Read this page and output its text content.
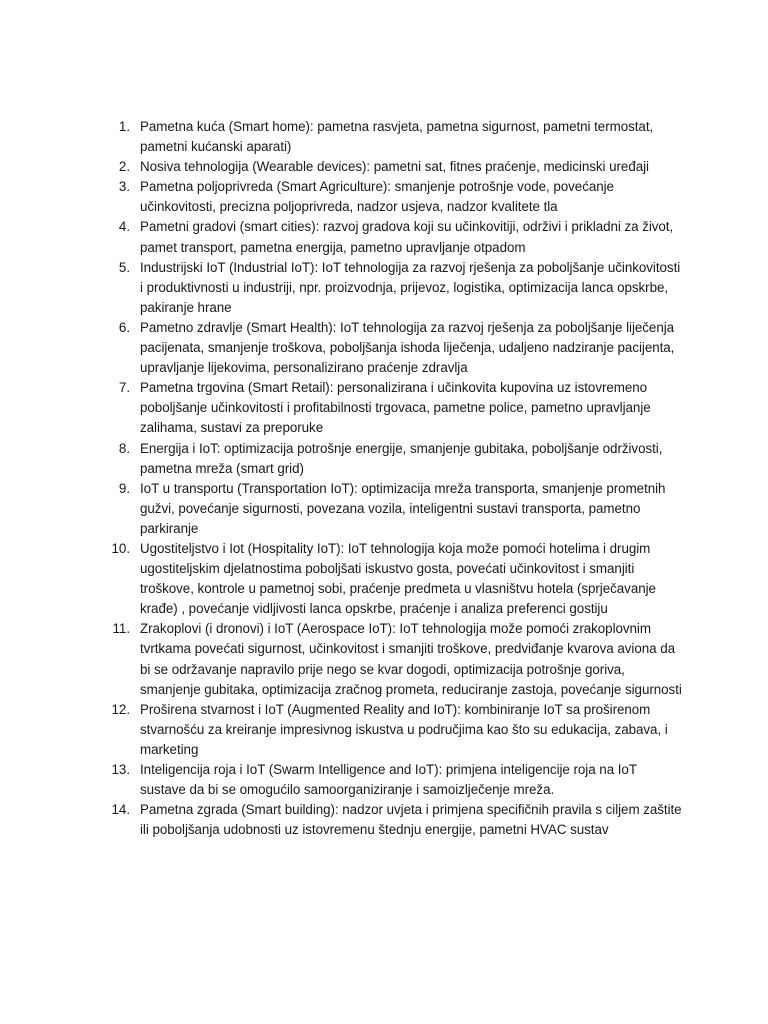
1. Pametna kuća (Smart home): pametna rasvjeta, pametna sigurnost, pametni termostat, pametni kućanski aparati)
2. Nosiva tehnologija (Wearable devices): pametni sat, fitnes praćenje, medicinski uređaji
3. Pametna poljoprivreda (Smart Agriculture): smanjenje potrošnje vode, povećanje učinkovitosti, precizna poljoprivreda, nadzor usjeva, nadzor kvalitete tla
4. Pametni gradovi (smart cities): razvoj gradova koji su učinkovitiji, održivi i prikladni za život, pamet transport, pametna energija, pametno upravljanje otpadom
5. Industrijski IoT (Industrial IoT): IoT tehnologija za razvoj rješenja za poboljšanje učinkovitosti i produktivnosti u industriji, npr. proizvodnja, prijevoz, logistika, optimizacija lanca opskrbe, pakiranje hrane
6. Pametno zdravlje (Smart Health): IoT tehnologija za razvoj rješenja za poboljšanje liječenja pacijenata, smanjenje troškova, poboljšanja ishoda liječenja, udaljeno nadziranje pacijenta, upravljanje lijekovima, personalizirano praćenje zdravlja
7. Pametna trgovina (Smart Retail): personalizirana i učinkovita kupovina uz istovremeno poboljšanje učinkovitosti i profitabilnosti trgovaca, pametne police, pametno upravljanje zalihama, sustavi za preporuke
8. Energija i IoT: optimizacija potrošnje energije, smanjenje gubitaka, poboljšanje održivosti, pametna mreža (smart grid)
9. IoT u transportu (Transportation IoT): optimizacija mreža transporta, smanjenje prometnih gužvi, povećanje sigurnosti, povezana vozila, inteligentni sustavi transporta, pametno parkiranje
10. Ugostiteljstvo i Iot (Hospitality IoT): IoT tehnologija koja može pomoći hotelima i drugim ugostiteljskim djelatnostima poboljšati iskustvo gosta, povećati učinkovitost i smanjiti troškove, kontrole u pametnoj sobi, praćenje predmeta u vlasništvu hotela (sprječavanje krađe) , povećanje vidljivosti lanca opskrbe, praćenje i analiza preferenci gostiju
11. Zrakoplovi (i dronovi) i IoT (Aerospace IoT): IoT tehnologija može pomoći zrakoplovnim tvrtkama povećati sigurnost, učinkovitost i smanjiti troškove, predviđanje kvarova aviona da bi se održavanje napravilo prije nego se kvar dogodi, optimizacija potrošnje goriva, smanjenje gubitaka, optimizacija zračnog prometa, reduciranje zastoja, povećanje sigurnosti
12. Proširena stvarnost i IoT (Augmented Reality and IoT): kombiniranje IoT sa proširenom stvarnošću za kreiranje impresivnog iskustva u područjima kao što su edukacija, zabava, i marketing
13. Inteligencija roja i IoT (Swarm Intelligence and IoT): primjena inteligencije roja na IoT sustave da bi se omogućilo samoorganiziranje i samoizlječenje mreža.
14. Pametna zgrada (Smart building): nadzor uvjeta i primjena specifičnih pravila s ciljem zaštite ili poboljšanja udobnosti uz istovremenu štednju energije, pametni HVAC sustav
